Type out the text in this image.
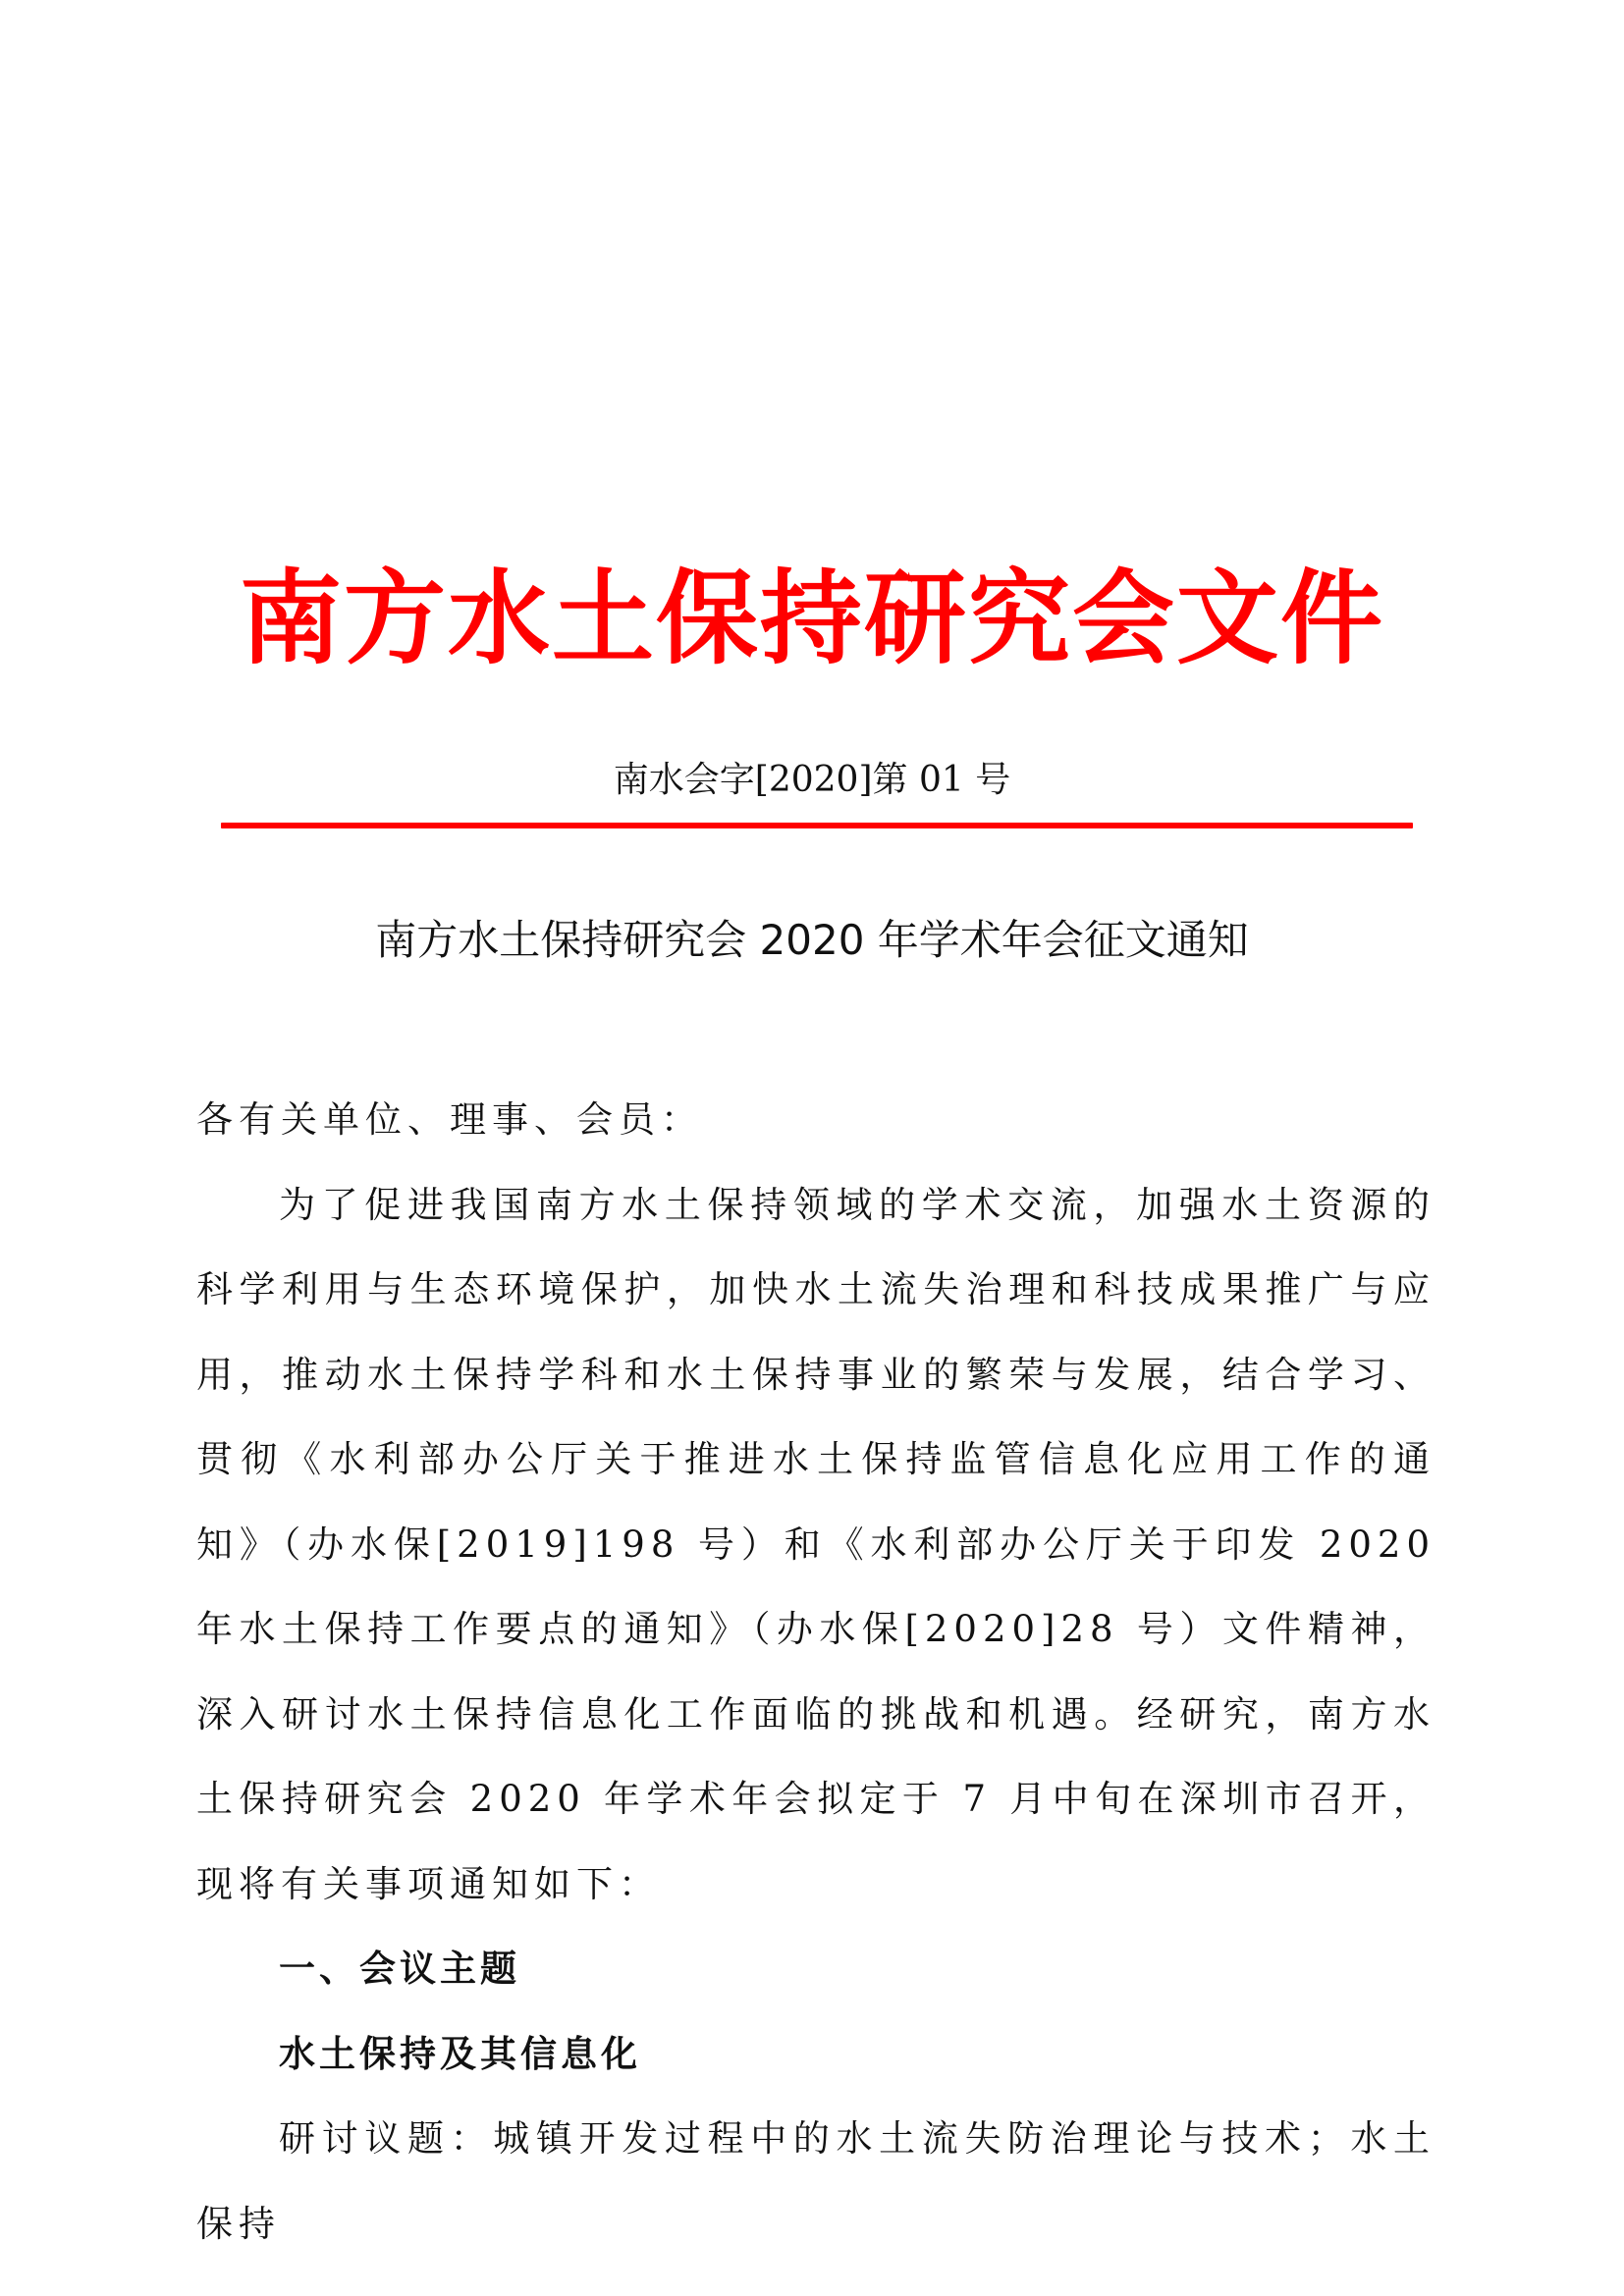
南方水土保持研究会文件
南水会字[2020]第 01 号
南方水土保持研究会 2020 年学术年会征文通知

各有关单位、理事、会员：

为了促进我国南方水土保持领域的学术交流，加强水土资源的科学利用与生态环境保护，加快水土流失治理和科技成果推广与应用，推动水土保持学科和水土保持事业的繁荣与发展，结合学习、贯彻《水利部办公厅关于推进水土保持监管信息化应用工作的通知》（办水保[2019]198 号）和《水利部办公厅关于印发 2020 年水土保持工作要点的通知》（办水保[2020]28 号）文件精神，深入研讨水土保持信息化工作面临的挑战和机遇。经研究，南方水土保持研究会 2020 年学术年会拟定于 7 月中旬在深圳市召开，现将有关事项通知如下：

一、会议主题

水土保持及其信息化

研讨议题：城镇开发过程中的水土流失防治理论与技术；水土保持
